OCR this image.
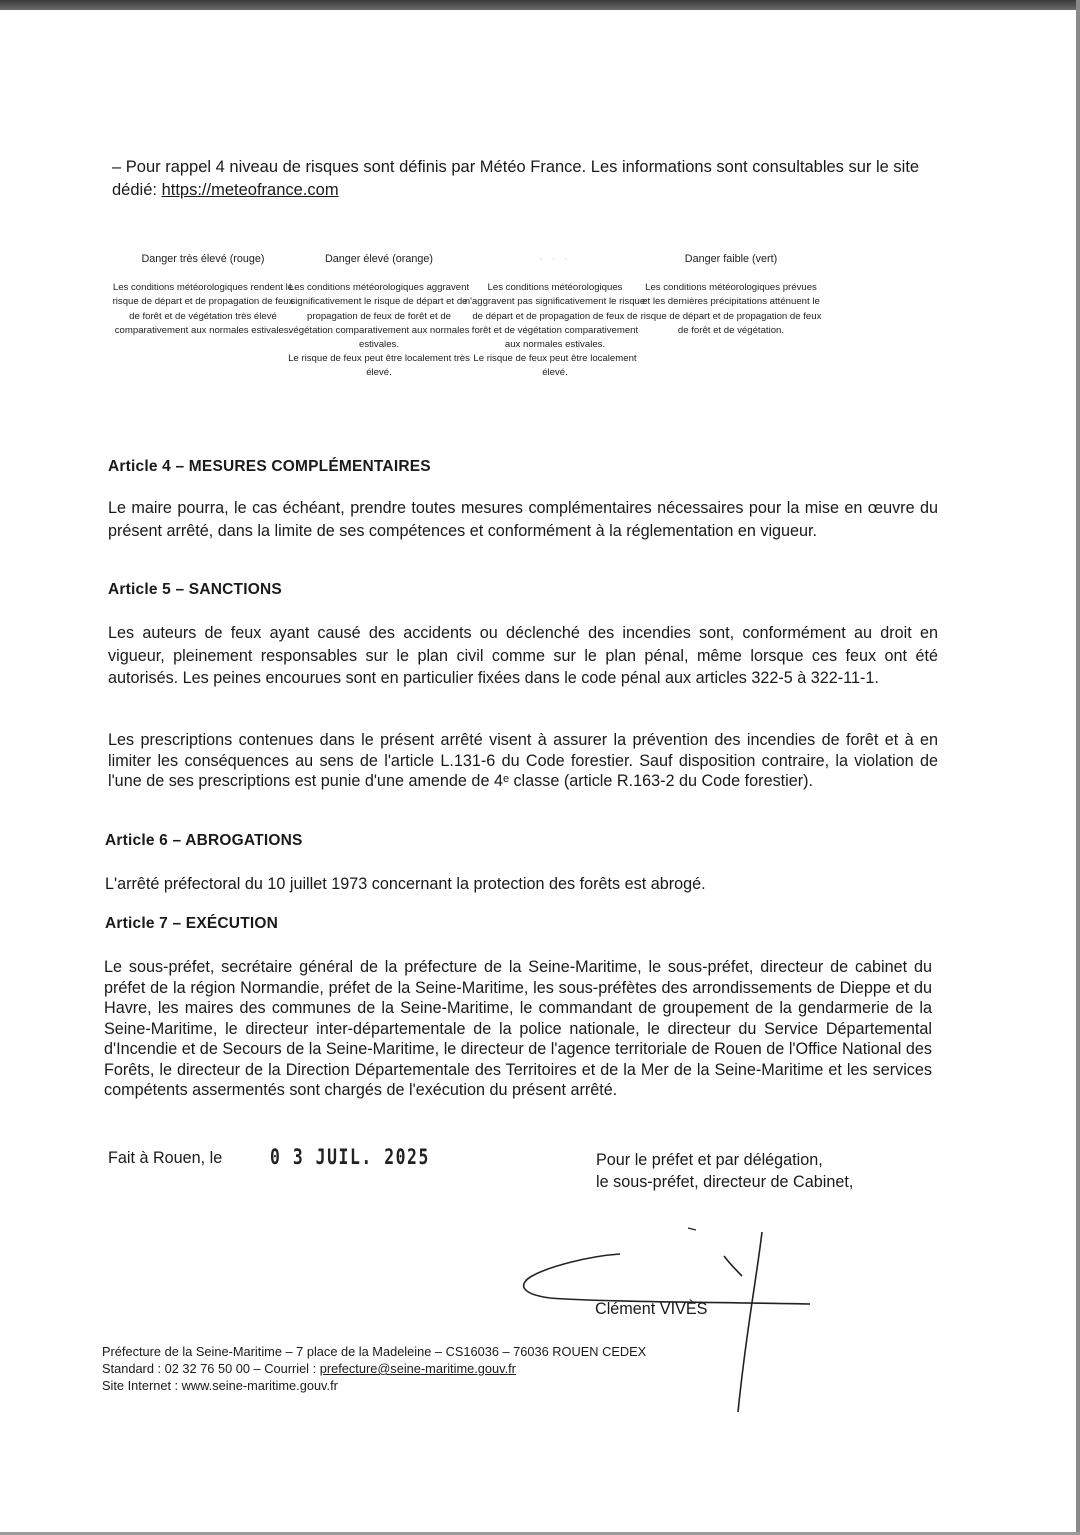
– Pour rappel 4 niveau de risques sont définis par Météo France. Les informations sont consultables sur le site dédié: https://meteofrance.com
Danger très élevé (rouge)
Les conditions météorologiques rendent le risque de départ et de propagation de feux de forêt et de végétation très élevé comparativement aux normales estivales.
Danger élevé (orange)
Les conditions météorologiques aggravent significativement le risque de départ et de propagation de feux de forêt et de végétation comparativement aux normales estivales.
Le risque de feux peut être localement très élevé.
· · ·
Les conditions météorologiques n'aggravent pas significativement le risque de départ et de propagation de feux de forêt et de végétation comparativement aux normales estivales.
Le risque de feux peut être localement élevé.
Danger faible (vert)
Les conditions météorologiques prévues et les dernières précipitations atténuent le risque de départ et de propagation de feux de forêt et de végétation.
Article 4 – MESURES COMPLÉMENTAIRES
Le maire pourra, le cas échéant, prendre toutes mesures complémentaires nécessaires pour la mise en œuvre du présent arrêté, dans la limite de ses compétences et conformément à la réglementation en vigueur.
Article 5 – SANCTIONS
Les auteurs de feux ayant causé des accidents ou déclenché des incendies sont, conformément au droit en vigueur, pleinement responsables sur le plan civil comme sur le plan pénal, même lorsque ces feux ont été autorisés. Les peines encourues sont en particulier fixées dans le code pénal aux articles 322-5 à 322-11-1.
Les prescriptions contenues dans le présent arrêté visent à assurer la prévention des incendies de forêt et à en limiter les conséquences au sens de l'article L.131-6 du Code forestier. Sauf disposition contraire, la violation de l'une de ses prescriptions est punie d'une amende de 4ᵉ classe (article R.163-2 du Code forestier).
Article 6 – ABROGATIONS
L'arrêté préfectoral du 10 juillet 1973 concernant la protection des forêts est abrogé.
Article 7 – EXÉCUTION
Le sous-préfet, secrétaire général de la préfecture de la Seine-Maritime, le sous-préfet, directeur de cabinet du préfet de la région Normandie, préfet de la Seine-Maritime, les sous-préfètes des arrondissements de Dieppe et du Havre, les maires des communes de la Seine-Maritime, le commandant de groupement de la gendarmerie de la Seine-Maritime, le directeur inter-départementale de la police nationale, le directeur du Service Départemental d'Incendie et de Secours de la Seine-Maritime, le directeur de l'agence territoriale de Rouen de l'Office National des Forêts, le directeur de la Direction Départementale des Territoires et de la Mer de la Seine-Maritime et les services compétents assermentés sont chargés de l'exécution du présent arrêté.
Fait à Rouen, le 0 3 JUIL. 2025	Pour le préfet et par délégation,
le sous-préfet, directeur de Cabinet,
Clément VIVÈS
Préfecture de la Seine-Maritime – 7 place de la Madeleine – CS16036 – 76036 ROUEN CEDEX
Standard : 02 32 76 50 00 – Courriel : prefecture@seine-maritime.gouv.fr
Site Internet : www.seine-maritime.gouv.fr
